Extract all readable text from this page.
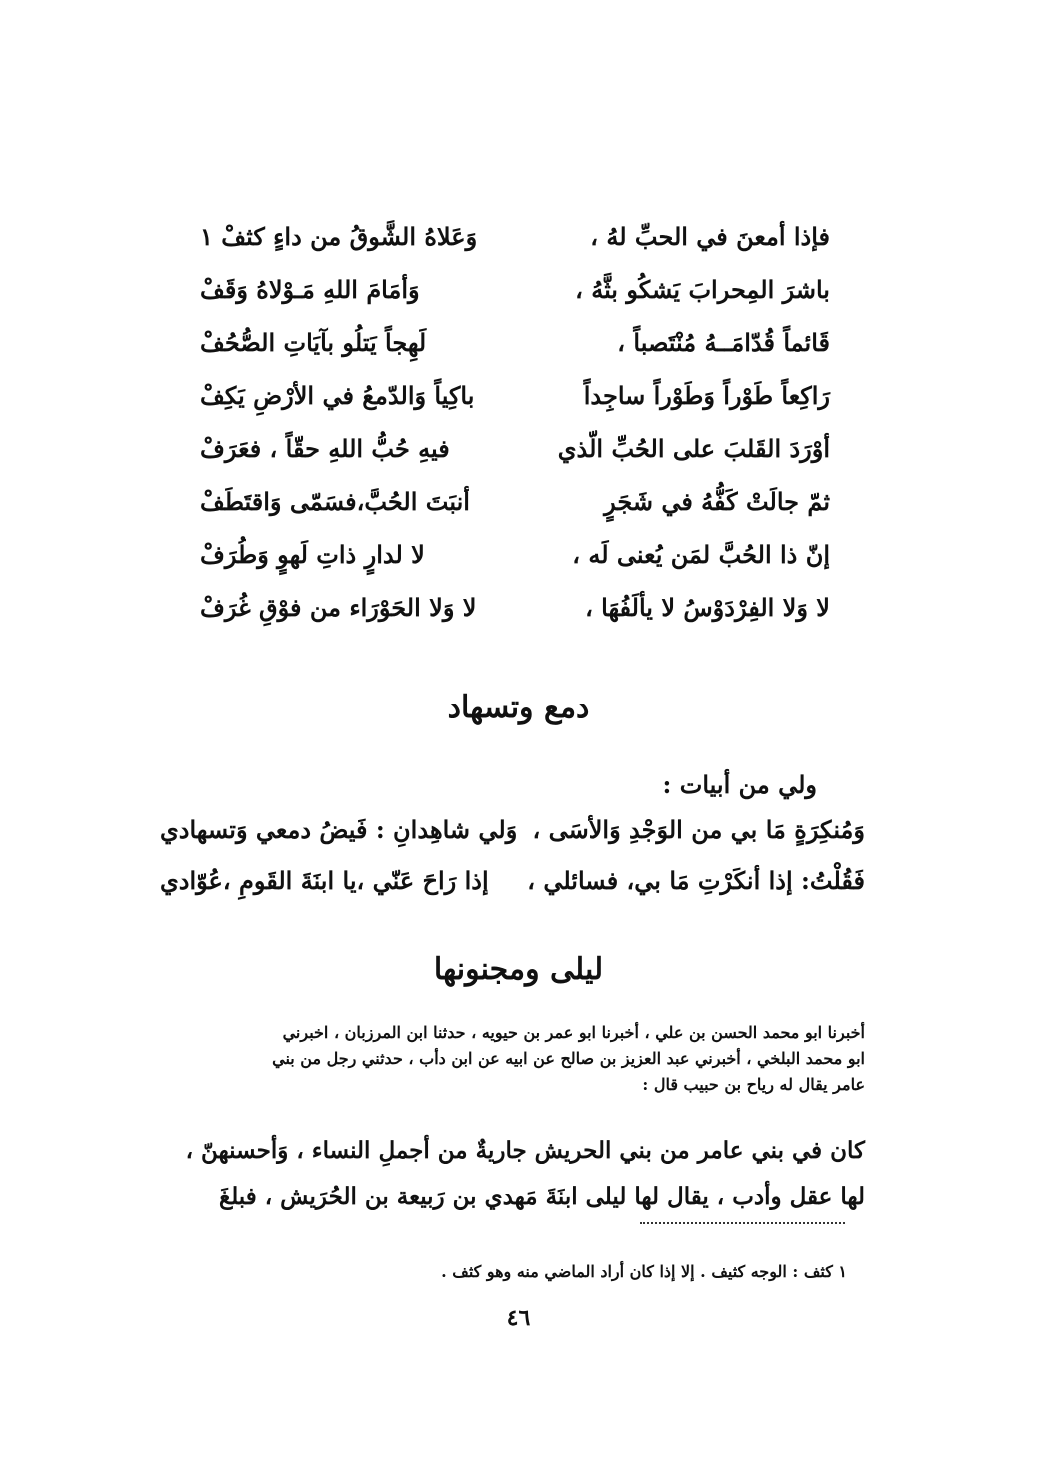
فإذا أمعنَ في الحبِّ لهُ ،
وَعَلاهُ الشَّوقُ من داءٍ كثفْ ١
باشرَ المِحرابَ يَشكُو بثَّهُ ،
وَأمَامَ اللهِ مَـوْلاهُ وَقَفْ
قَائماً قُدّامَــهُ مُنْتَصباً ،
لَهِجاً يَتلُو بآيَاتِ الصُّحُفْ
رَاكِعاً طَوْراً وَطَوْراً ساجِداً
باكِياً وَالدّمعُ في الأرْضِ يَكِفْ
أوْرَدَ القَلبَ على الحُبِّ الّذي
فيهِ حُبُّ اللهِ حقّاً ، فعَرَفْ
ثمّ جالَتْ كَفُّهُ في شَجَرٍ
أنبَتَ الحُبَّ،فسَمّى وَاقتَطَفْ
إنّ ذا الحُبَّ لمَن يُعنى لَه ،
لا لدارٍ ذاتِ لَهوٍ وَطُرَفْ
لا وَلا الفِرْدَوْسُ لا يألَفُهَا ،
لا وَلا الحَوْرَاء من فوْقِ غُرَفْ
دمع وتسهاد
ولي من أبيات :
وَمُنكِرَةٍ مَا بي من الوَجْدِ وَالأسَى ،
وَلي شاهِدانِ : فَيضُ دمعي وَتسهادي
فَقُلْتُ: إذا أنكَرْتِ مَا بي، فسائلي ،
إذا رَاحَ عَنّي ،يا ابنَةَ القَومِ ،عُوّادي
ليلى ومجنونها
أخبرنا ابو محمد الحسن بن علي ، أخبرنا ابو عمر بن حيويه ، حدثنا ابن المرزبان ، اخبرني
ابو محمد البلخي ، أخبرني عبد العزيز بن صالح عن ابيه عن ابن دأب ، حدثني رجل من بني
عامر يقال له رياح بن حبيب قال :
كان في بني عامر من بني الحريش جاريةٌ من أجملِ النساء ، وَأحسنهنّ ،
لها عقل وأدب ، يقال لها ليلى ابنَةَ مَهدي بن رَبيعة بن الحُرَيش ، فبلغَ
١ كثف : الوجه كثيف . إلا إذا كان أراد الماضي منه وهو كثف .
٤٦
